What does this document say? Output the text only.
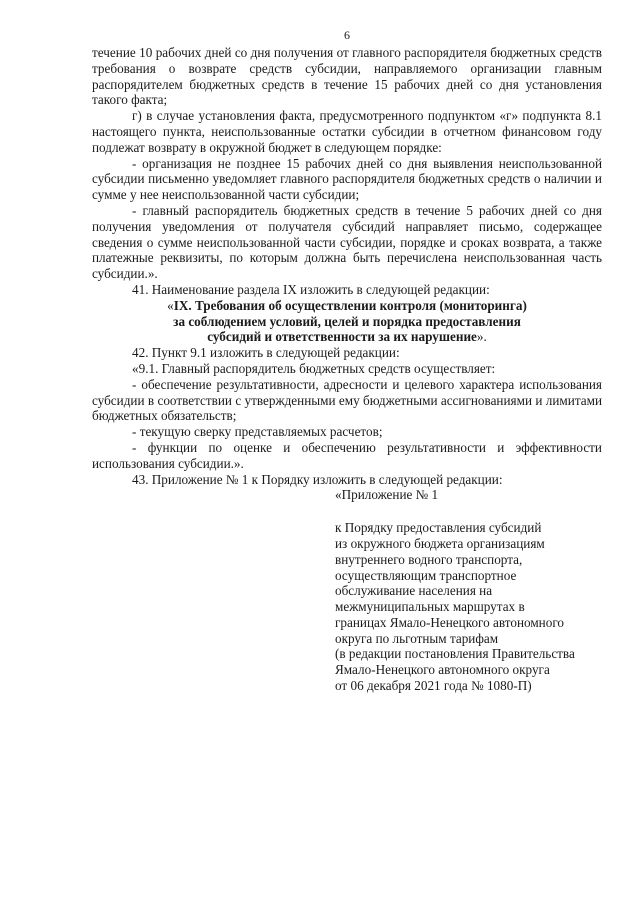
6

течение 10 рабочих дней со дня получения от главного распорядителя бюджетных средств требования о возврате средств субсидии, направляемого организации главным распорядителем бюджетных средств в течение 15 рабочих дней со дня установления такого факта;

г) в случае установления факта, предусмотренного подпунктом «г» подпункта 8.1 настоящего пункта, неиспользованные остатки субсидии в отчетном финансовом году подлежат возврату в окружной бюджет в следующем порядке:

- организация не позднее 15 рабочих дней со дня выявления неиспользованной субсидии письменно уведомляет главного распорядителя бюджетных средств о наличии и сумме у нее неиспользованной части субсидии;

- главный распорядитель бюджетных средств в течение 5 рабочих дней со дня получения уведомления от получателя субсидий направляет письмо, содержащее сведения о сумме неиспользованной части субсидии, порядке и сроках возврата, а также платежные реквизиты, по которым должна быть перечислена неиспользованная часть субсидии.».

41. Наименование раздела IX изложить в следующей редакции:

«IX. Требования об осуществлении контроля (мониторинга)
за соблюдением условий, целей и порядка предоставления
субсидий и ответственности за их нарушение».

42. Пункт 9.1 изложить в следующей редакции:

«9.1. Главный распорядитель бюджетных средств осуществляет:

- обеспечение результативности, адресности и целевого характера использования субсидии в соответствии с утвержденными ему бюджетными ассигнованиями и лимитами бюджетных обязательств;

- текущую сверку представляемых расчетов;

- функции по оценке и обеспечению результативности и эффективности использования субсидии.».

43. Приложение № 1 к Порядку изложить в следующей редакции:

«Приложение № 1

к Порядку предоставления субсидий
из окружного бюджета организациям
внутреннего водного транспорта,
осуществляющим транспортное
обслуживание населения на
межмуниципальных маршрутах в
границах Ямало-Ненецкого автономного
округа по льготным тарифам
(в редакции постановления Правительства
Ямало-Ненецкого автономного округа
от 06 декабря 2021 года № 1080-П)
